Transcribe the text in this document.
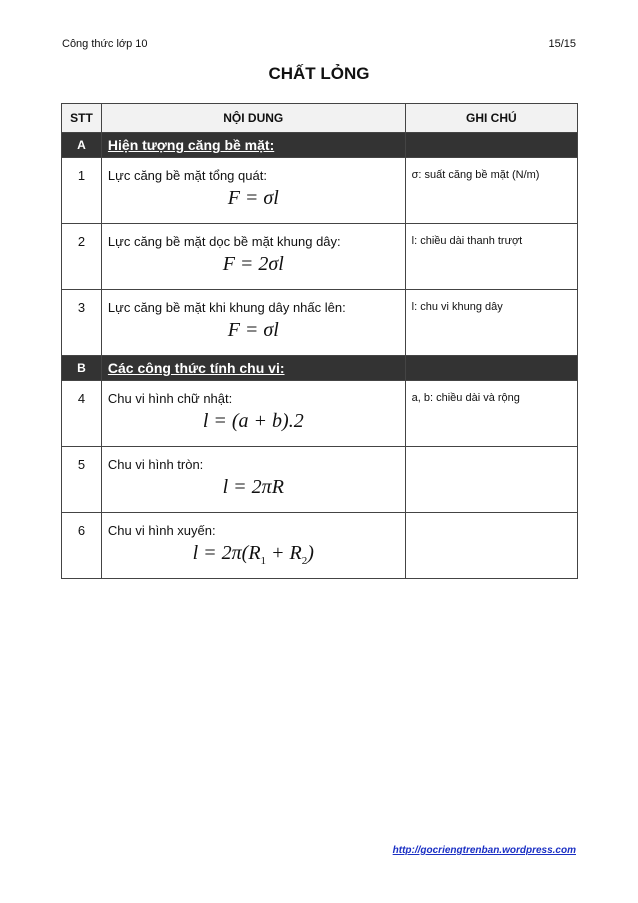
Công thức lớp 10	15/15
CHẤT LỎNG
STT	NỘI DUNG	GHI CHÚ
A	Hiện tượng căng bề mặt:	
1	Lực căng bề mặt tổng quát:
F = σl	σ: suất căng bề mặt (N/m)

2	Lực căng bề mặt dọc bề mặt khung dây:
F = 2σl	l: chiều dài thanh trượt

3	Lực căng bề mặt khi khung dây nhấc lên:
F = σl	l: chu vi khung dây

B	Các công thức tính chu vi:	
4	Chu vi hình chữ nhật:
l = (a + b).2	a, b: chiều dài và rộng

5	Chu vi hình tròn:
l = 2πR	

6	Chu vi hình xuyến:
$l = 2\pi(R_1 + R_2)$	

http://gocriengtrenban.wordpress.com
